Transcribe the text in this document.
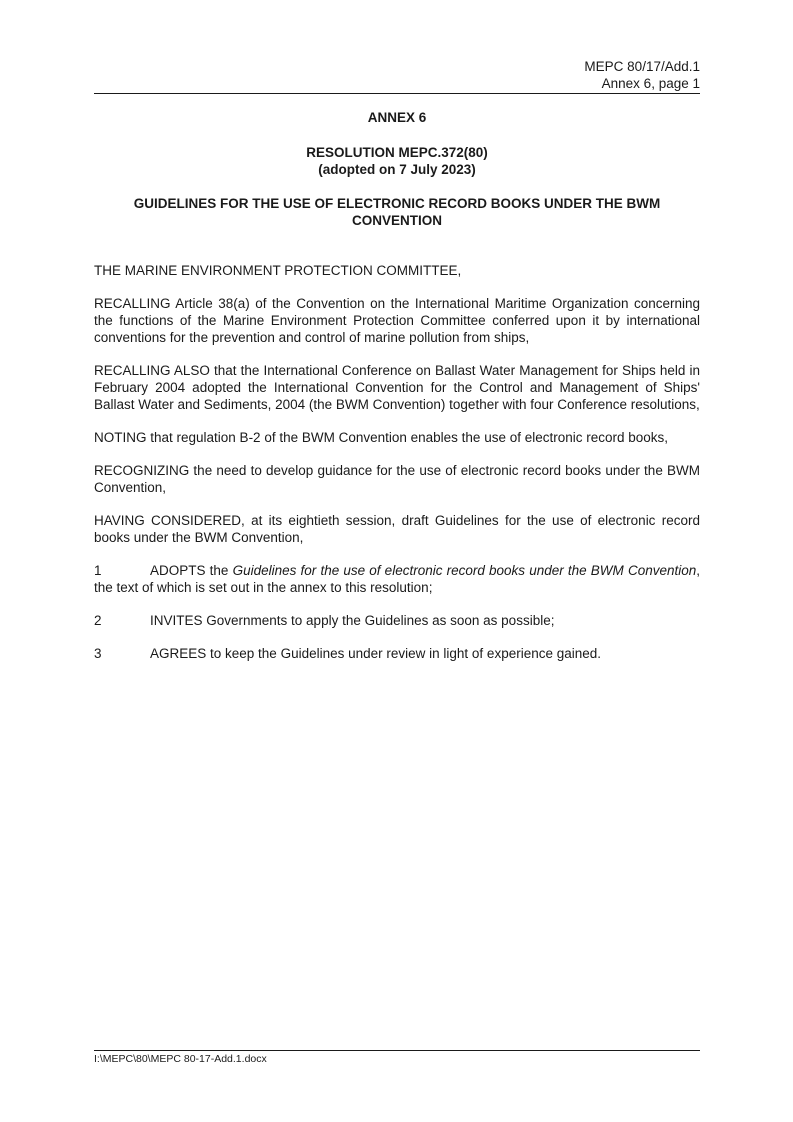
MEPC 80/17/Add.1
Annex 6, page 1
ANNEX 6
RESOLUTION MEPC.372(80)
(adopted on 7 July 2023)
GUIDELINES FOR THE USE OF ELECTRONIC RECORD BOOKS UNDER THE BWM CONVENTION

THE MARINE ENVIRONMENT PROTECTION COMMITTEE,

RECALLING Article 38(a) of the Convention on the International Maritime Organization concerning the functions of the Marine Environment Protection Committee conferred upon it by international conventions for the prevention and control of marine pollution from ships,

RECALLING ALSO that the International Conference on Ballast Water Management for Ships held in February 2004 adopted the International Convention for the Control and Management of Ships' Ballast Water and Sediments, 2004 (the BWM Convention) together with four Conference resolutions,

NOTING that regulation B-2 of the BWM Convention enables the use of electronic record books,

RECOGNIZING the need to develop guidance for the use of electronic record books under the BWM Convention,

HAVING CONSIDERED, at its eightieth session, draft Guidelines for the use of electronic record books under the BWM Convention,

1	ADOPTS the Guidelines for the use of electronic record books under the BWM Convention, the text of which is set out in the annex to this resolution;

2	INVITES Governments to apply the Guidelines as soon as possible;

3	AGREES to keep the Guidelines under review in light of experience gained.

I:\MEPC\80\MEPC 80-17-Add.1.docx
